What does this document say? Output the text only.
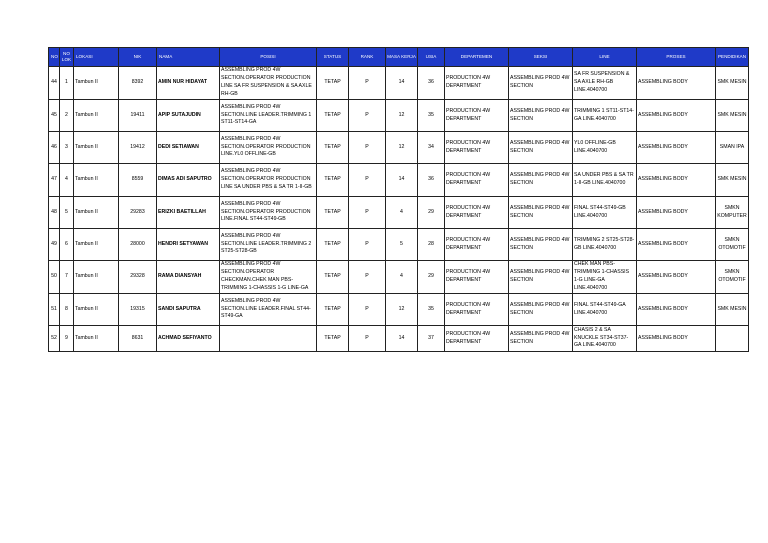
NO	NO LOK	LOKASI	NIK	NAMA	POSISI	STATUS	RANK	MASA KERJA	USIA	DEPARTEMEN	SEKSI	LINE	PROSES	PENDIDIKAN
44	1	Tambun II	8392	AMIN NUR HIDAYAT	ASSEMBLING PROD 4W SECTION.OPERATOR PRODUCTION LINE SA FR SUSPENSION & SA AXLE RH-GB	TETAP	P	14	36	PRODUCTION 4W DEPARTMENT	ASSEMBLING PROD 4W SECTION	SA FR SUSPENSION & SA AXLE RH-GB LINE.4040700	ASSEMBLING BODY	SMK MESIN
45	2	Tambun II	19411	APIP SUTAJUDIN	ASSEMBLING PROD 4W SECTION.LINE LEADER.TRIMMING 1 ST11-ST14-GA	TETAP	P	12	35	PRODUCTION 4W DEPARTMENT	ASSEMBLING PROD 4W SECTION	TRIMMING 1 ST11-ST14-GA LINE.4040700	ASSEMBLING BODY	SMK MESIN
46	3	Tambun II	19412	DEDI SETIAWAN	ASSEMBLING PROD 4W SECTION.OPERATOR PRODUCTION LINE.YL0 OFFLINE-GB	TETAP	P	12	34	PRODUCTION 4W DEPARTMENT	ASSEMBLING PROD 4W SECTION	YL0 OFFLINE-GB LINE.4040700	ASSEMBLING BODY	SMAN IPA
47	4	Tambun II	8559	DIMAS ADI SAPUTRO	ASSEMBLING PROD 4W SECTION.OPERATOR PRODUCTION LINE SA UNDER PBS & SA TR 1-II-GB	TETAP	P	14	36	PRODUCTION 4W DEPARTMENT	ASSEMBLING PROD 4W SECTION	SA UNDER PBS & SA TR 1-II-GB LINE.4040700	ASSEMBLING BODY	SMK MESIN
48	5	Tambun II	29283	ERIZKI BAETILLAH	ASSEMBLING PROD 4W SECTION.OPERATOR PRODUCTION LINE.FINAL ST44-ST49-GB	TETAP	P	4	29	PRODUCTION 4W DEPARTMENT	ASSEMBLING PROD 4W SECTION	FINAL ST44-ST49-GB LINE.4040700	ASSEMBLING BODY	SMKN KOMPUTER
49	6	Tambun II	28000	HENDRI SETYAWAN	ASSEMBLING PROD 4W SECTION.LINE LEADER.TRIMMING 2 ST25-ST28-GB	TETAP	P	5	28	PRODUCTION 4W DEPARTMENT	ASSEMBLING PROD 4W SECTION	TRIMMING 2 ST25-ST28-GB LINE.4040700	ASSEMBLING BODY	SMKN OTOMOTIF
50	7	Tambun II	29328	RAMA DIANSYAH	ASSEMBLING PROD 4W SECTION.OPERATOR CHECKMAN.CHEK MAN PBS-TRIMMING 1-CHASSIS 1-G LINE-GA	TETAP	P	4	29	PRODUCTION 4W DEPARTMENT	ASSEMBLING PROD 4W SECTION	CHEK MAN PBS-TRIMMING 1-CHASSIS 1-G LINE-GA LINE.4040700	ASSEMBLING BODY	SMKN OTOMOTIF
51	8	Tambun II	19315	SANDI SAPUTRA	ASSEMBLING PROD 4W SECTION.LINE LEADER.FINAL ST44-ST49-GA	TETAP	P	12	35	PRODUCTION 4W DEPARTMENT	ASSEMBLING PROD 4W SECTION	FINAL ST44-ST49-GA LINE.4040700	ASSEMBLING BODY	SMK MESIN
52	9	Tambun II	8631	ACHMAD SEFIYANTO		TETAP	P	14	37	PRODUCTION 4W DEPARTMENT	ASSEMBLING PROD 4W SECTION	CHASIS 2 & SA KNUCKLE ST34-ST37-GA LINE.4040700	ASSEMBLING BODY	
